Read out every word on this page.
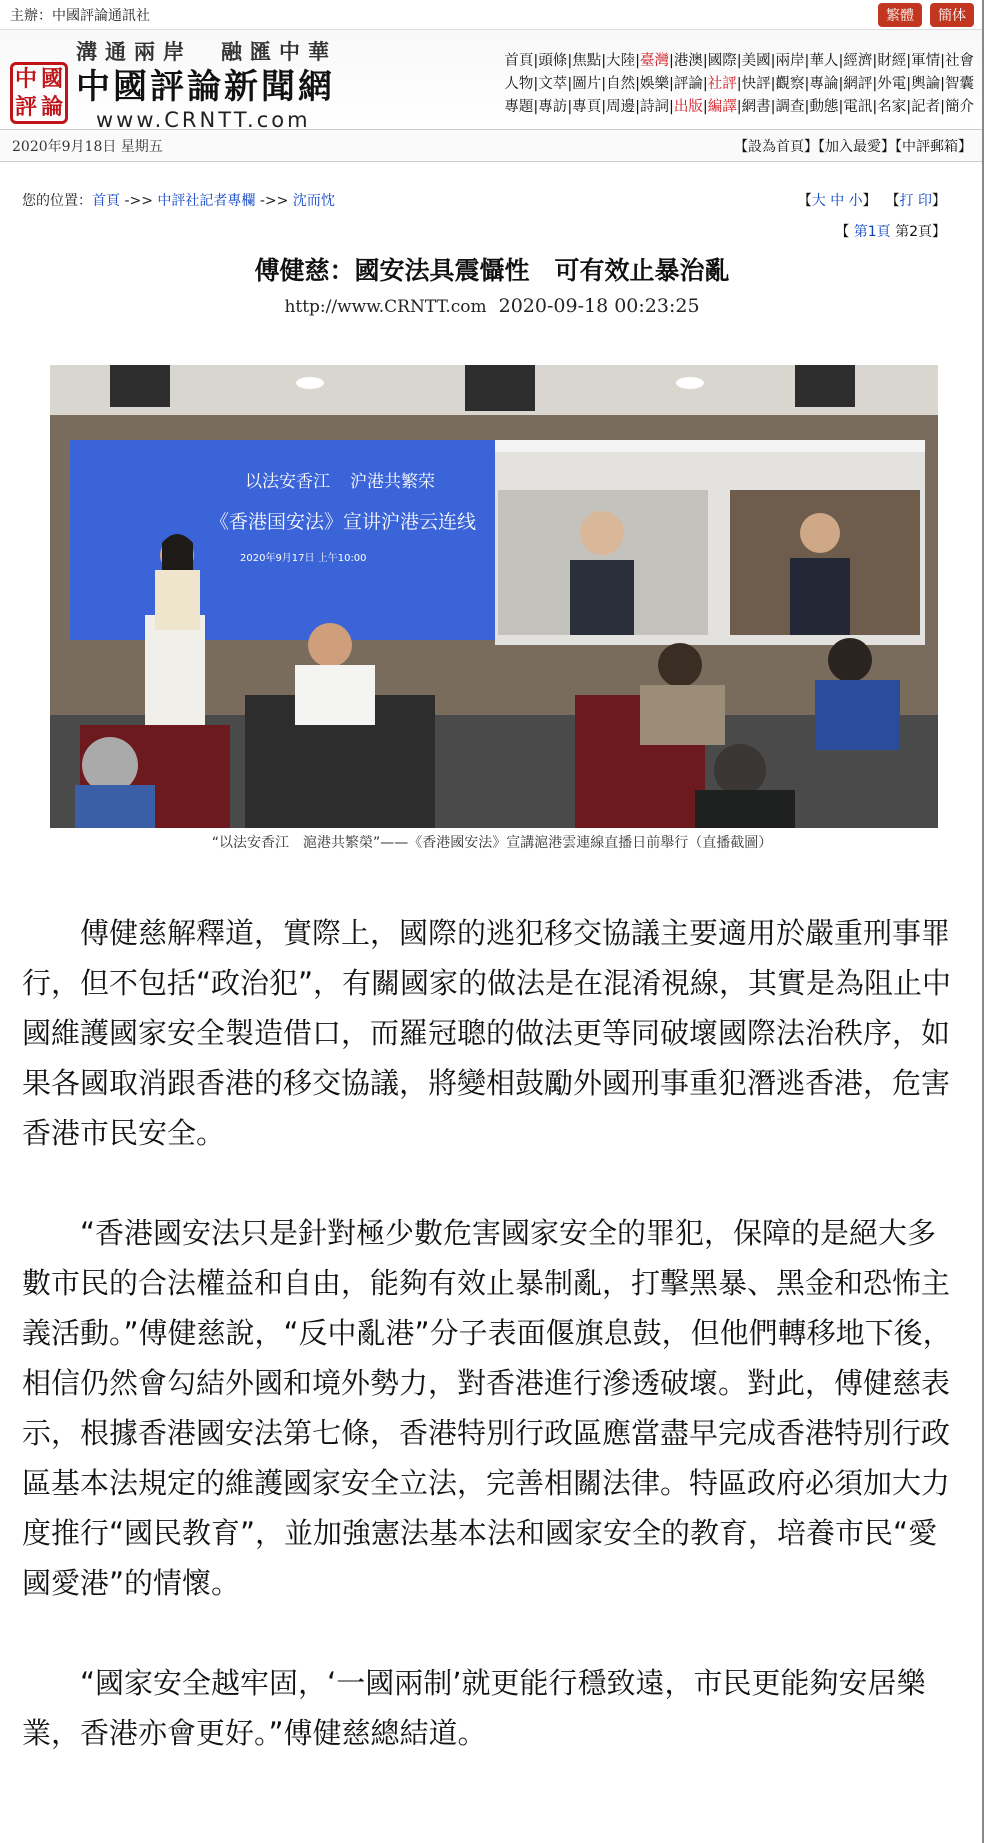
主辦：中國評論通訊社	繁體	簡体
中 國
評 論
溝通兩岸　融匯中華
中國評論新聞網
www.CRNTT.com
首頁|頭條|焦點|大陸|臺灣|港澳|國際|美國|兩岸|華人|經濟|財經|軍情|社會
人物|文萃|圖片|自然|娛樂|評論|社評|快評|觀察|專論|網評|外電|輿論|智囊
專題|專訪|專頁|周邊|詩詞|出版|編譯|網書|調查|動態|電訊|名家|記者|簡介
2020年9月18日 星期五	【設為首頁】【加入最愛】【中評郵箱】
您的位置：首頁 ->> 中評社記者專欄 ->> 沈而忱	【大 中 小】 【打 印】
【 第1頁 第2頁】
傅健慈：國安法具震懾性　可有效止暴治亂
http://www.CRNTT.com 2020-09-18 00:23:25
以法安香江 沪港共繁荣
《香港国安法》宣讲沪港云连线
2020年9月17日 上午10:00
“以法安香江　滬港共繁榮”——《香港國安法》宣講滬港雲連線直播日前舉行（直播截圖）

傅健慈解釋道，實際上，國際的逃犯移交協議主要適用於嚴重刑事罪行，但不包括“政治犯”，有關國家的做法是在混淆視線，其實是為阻止中國維護國家安全製造借口，而羅冠聰的做法更等同破壞國際法治秩序，如果各國取消跟香港的移交協議，將變相鼓勵外國刑事重犯潛逃香港，危害香港市民安全。

“香港國安法只是針對極少數危害國家安全的罪犯，保障的是絕大多數市民的合法權益和自由，能夠有效止暴制亂，打擊黑暴、黑金和恐怖主義活動。”傅健慈說，“反中亂港”分子表面偃旗息鼓，但他們轉移地下後，相信仍然會勾結外國和境外勢力，對香港進行滲透破壞。對此，傅健慈表示，根據香港國安法第七條，香港特別行政區應當盡早完成香港特別行政區基本法規定的維護國家安全立法，完善相關法律。特區政府必須加大力度推行“國民教育”，並加強憲法基本法和國家安全的教育，培養市民“愛國愛港”的情懷。

“國家安全越牢固，‘一國兩制’就更能行穩致遠，市民更能夠安居樂業，香港亦會更好。”傅健慈總結道。
